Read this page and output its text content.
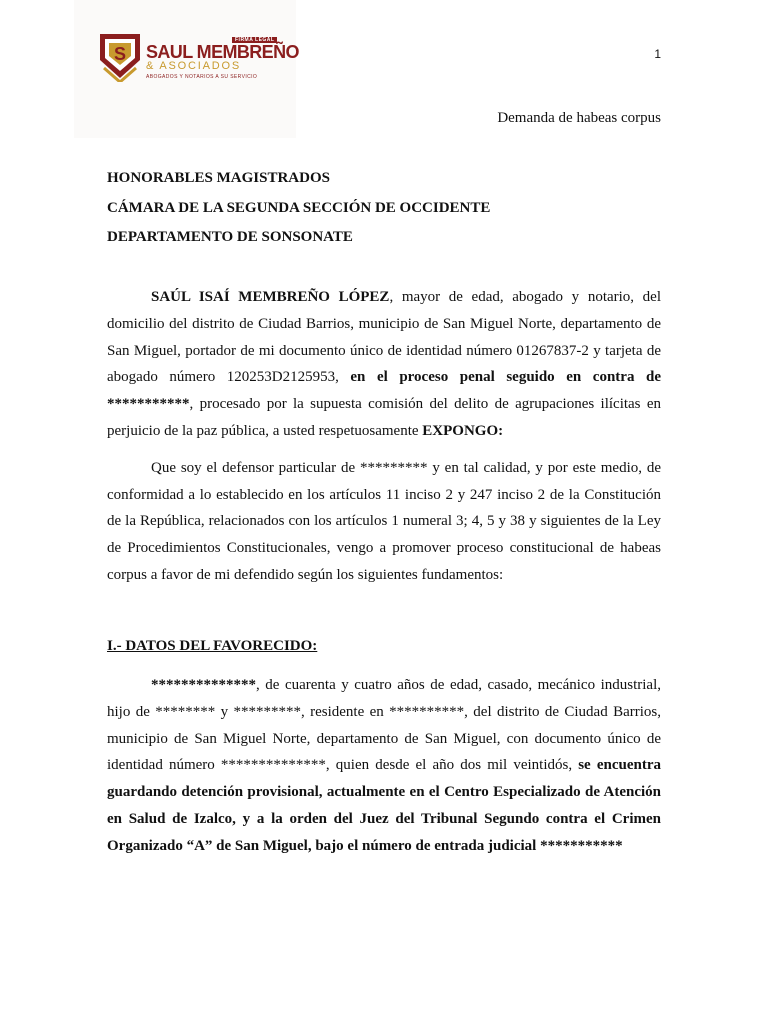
S
FIRMA LEGAL
SAUL MEMBREÑO
& ASOCIADOS
ABOGADOS Y NOTARIOS A SU SERVICIO
1
Demanda de habeas corpus
HONORABLES MAGISTRADOS
CÁMARA DE LA SEGUNDA SECCIÓN DE OCCIDENTE
DEPARTAMENTO DE SONSONATE

SAÚL ISAÍ MEMBREÑO LÓPEZ, mayor de edad, abogado y notario, del domicilio del distrito de Ciudad Barrios, municipio de San Miguel Norte, departamento de San Miguel, portador de mi documento único de identidad número 01267837-2 y tarjeta de abogado número 120253D2125953, en el proceso penal seguido en contra de ***********, procesado por la supuesta comisión del delito de agrupaciones ilícitas en perjuicio de la paz pública, a usted respetuosamente EXPONGO:

Que soy el defensor particular de ********* y en tal calidad, y por este medio, de conformidad a lo establecido en los artículos 11 inciso 2 y 247 inciso 2 de la Constitución de la República, relacionados con los artículos 1 numeral 3; 4, 5 y 38 y siguientes de la Ley de Procedimientos Constitucionales, vengo a promover proceso constitucional de habeas corpus a favor de mi defendido según los siguientes fundamentos:

I.- DATOS DEL FAVORECIDO:

**************, de cuarenta y cuatro años de edad, casado, mecánico industrial, hijo de ******** y *********, residente en **********, del distrito de Ciudad Barrios, municipio de San Miguel Norte, departamento de San Miguel, con documento único de identidad número **************, quien desde el año dos mil veintidós, se encuentra guardando detención provisional, actualmente en el Centro Especializado de Atención en Salud de Izalco, y a la orden del Juez del Tribunal Segundo contra el Crimen Organizado “A” de San Miguel, bajo el número de entrada judicial ***********
